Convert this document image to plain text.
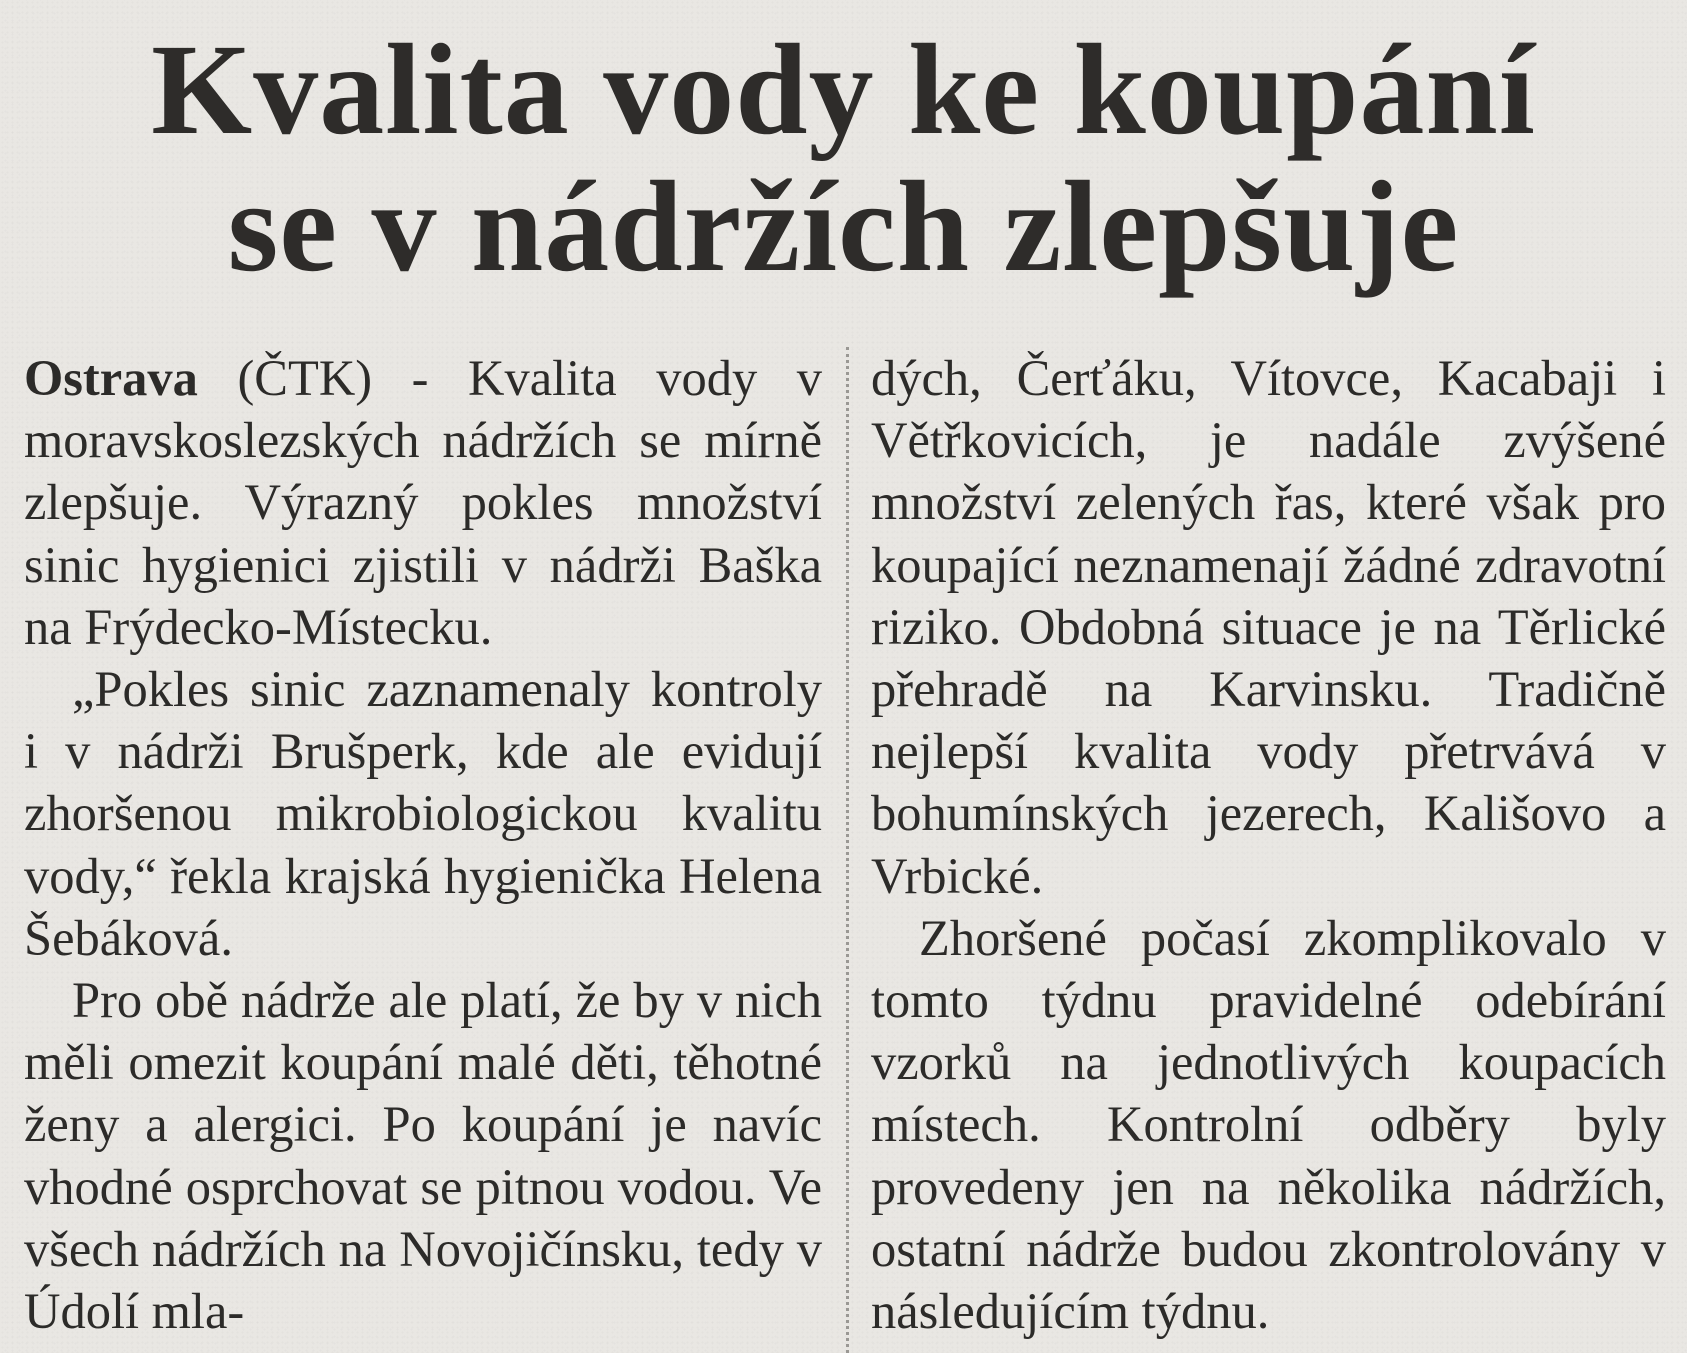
Kvalita vody ke koupání
se v nádržích zlepšuje

Ostrava (ČTK) - Kvalita vody v moravskoslezských nádržích se mírně zlepšuje. Výrazný pokles množství sinic hygienici zjistili v nádrži Baška na Frýdecko-Místecku.

„Pokles sinic zaznamenaly kontroly i v nádrži Brušperk, kde ale evidují zhoršenou mikrobiologickou kvalitu vody,“ řekla krajská hygienička Helena Šebáková.

Pro obě nádrže ale platí, že by v nich měli omezit koupání malé děti, těhotné ženy a alergici. Po koupání je navíc vhodné osprchovat se pitnou vodou. Ve všech nádržích na Novojičínsku, tedy v Údolí mla-

dých, Čerťáku, Vítovce, Kacabaji i Větřkovicích, je nadále zvýšené množství zelených řas, které však pro koupající neznamenají žádné zdravotní riziko. Obdobná situace je na Těrlické přehradě na Karvinsku. Tradičně nejlepší kvalita vody přetrvává v bohumínských jezerech, Kališovo a Vrbické.

Zhoršené počasí zkomplikovalo v tomto týdnu pravidelné odebírání vzorků na jednotlivých koupacích místech. Kontrolní odběry byly provedeny jen na několika nádržích, ostatní nádrže budou zkontrolovány v následujícím týdnu.
